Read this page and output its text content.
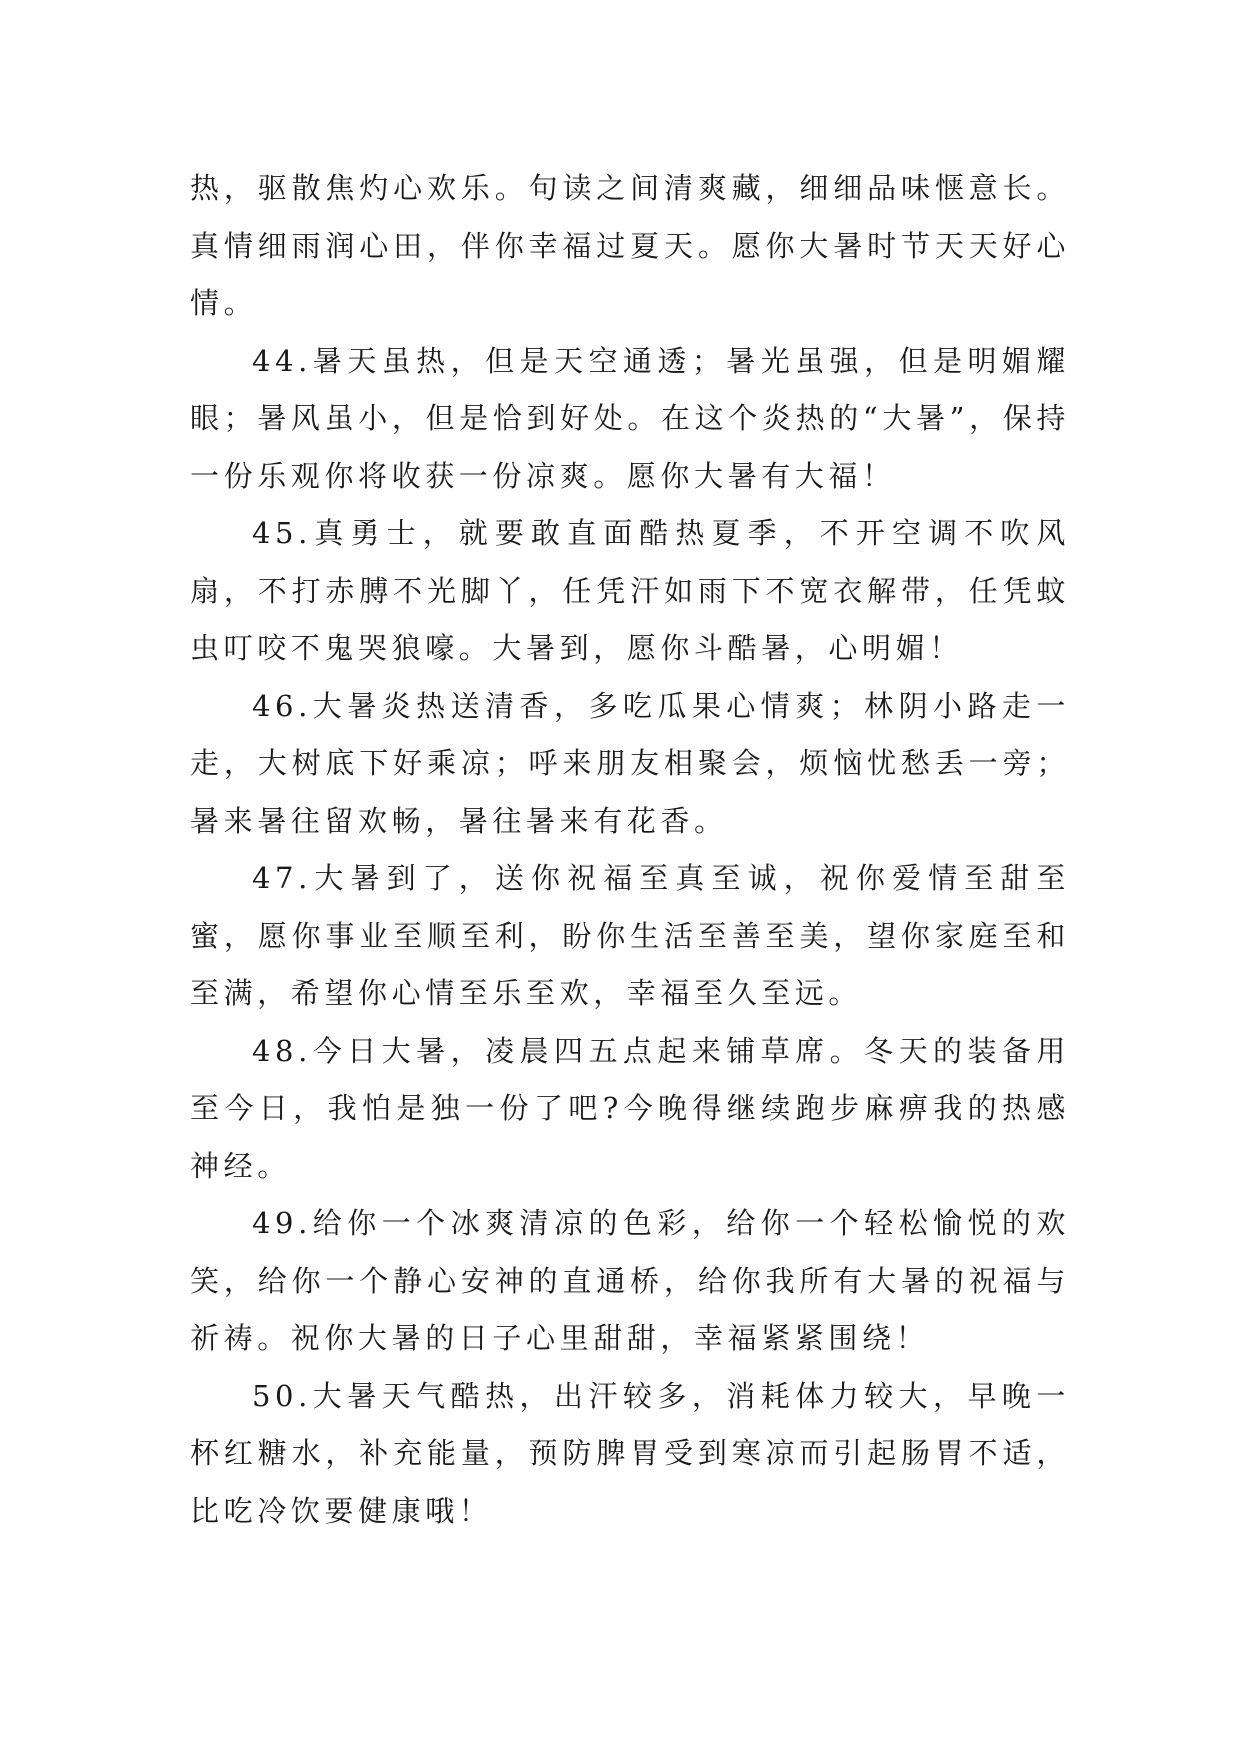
热，驱散焦灼心欢乐。句读之间清爽藏，细细品味惬意长。真情细雨润心田，伴你幸福过夏天。愿你大暑时节天天好心情。

44.暑天虽热，但是天空通透；暑光虽强，但是明媚耀眼；暑风虽小，但是恰到好处。在这个炎热的“大暑”，保持一份乐观你将收获一份凉爽。愿你大暑有大福！

45.真勇士，就要敢直面酷热夏季，不开空调不吹风扇，不打赤膊不光脚丫，任凭汗如雨下不宽衣解带，任凭蚊虫叮咬不鬼哭狼嚎。大暑到，愿你斗酷暑，心明媚！

46.大暑炎热送清香，多吃瓜果心情爽；林阴小路走一走，大树底下好乘凉；呼来朋友相聚会，烦恼忧愁丢一旁；暑来暑往留欢畅，暑往暑来有花香。

47.大暑到了，送你祝福至真至诚，祝你爱情至甜至蜜，愿你事业至顺至利，盼你生活至善至美，望你家庭至和至满，希望你心情至乐至欢，幸福至久至远。

48.今日大暑，凌晨四五点起来铺草席。冬天的装备用至今日，我怕是独一份了吧?今晚得继续跑步麻痹我的热感神经。

49.给你一个冰爽清凉的色彩，给你一个轻松愉悦的欢笑，给你一个静心安神的直通桥，给你我所有大暑的祝福与祈祷。祝你大暑的日子心里甜甜，幸福紧紧围绕！

50.大暑天气酷热，出汗较多，消耗体力较大，早晚一杯红糖水，补充能量，预防脾胃受到寒凉而引起肠胃不适，比吃冷饮要健康哦！
